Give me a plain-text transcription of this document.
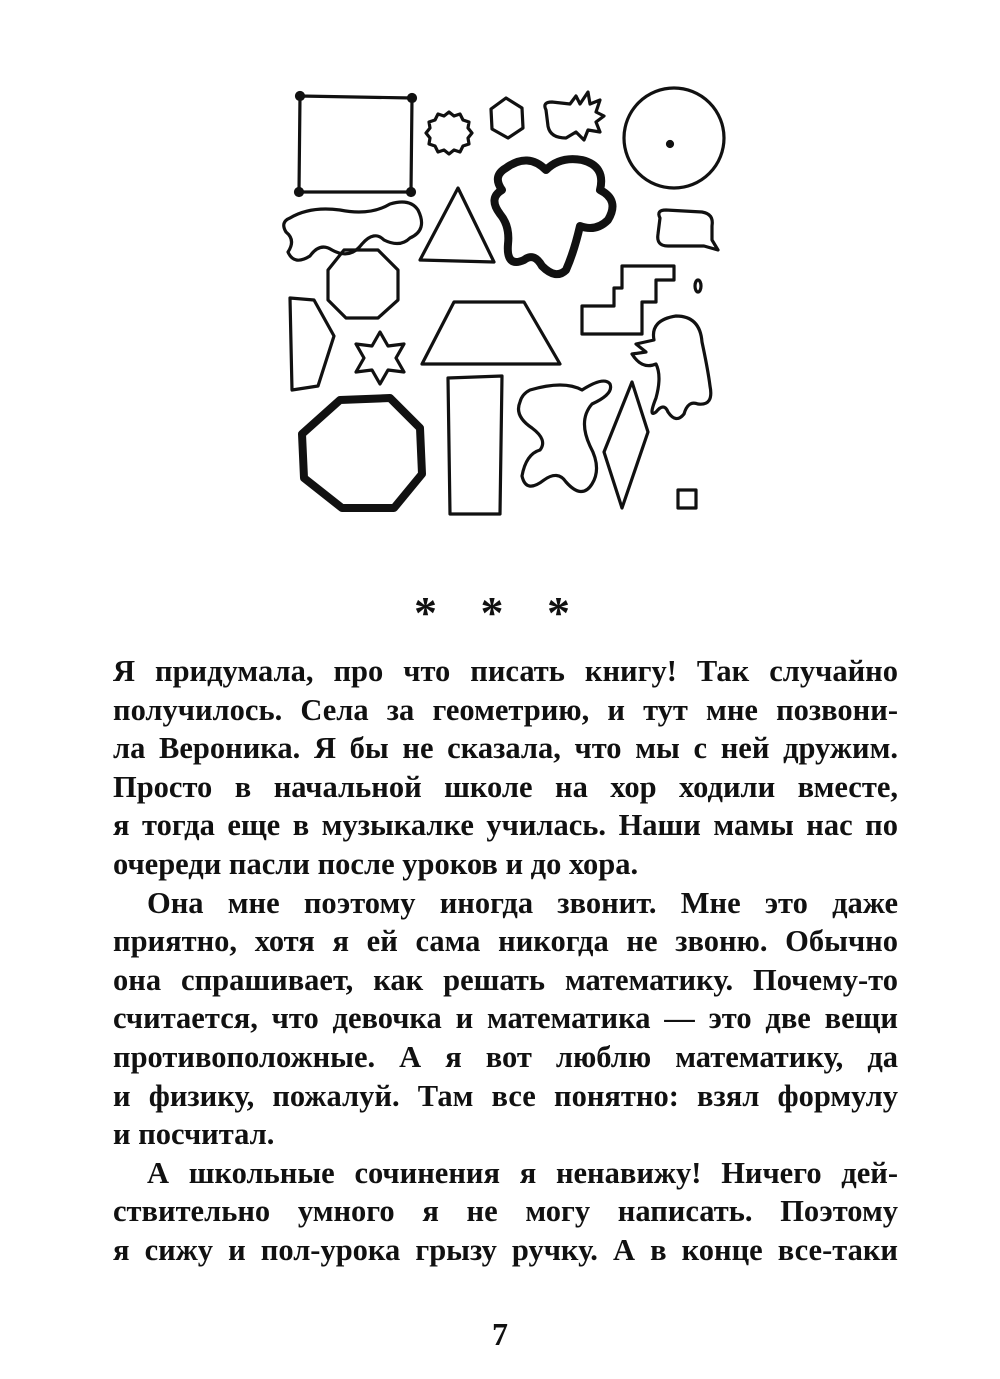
* * *
Я придумала, про что писать книгу! Так случайно
получилось. Села за геометрию, и тут мне позвони-
ла Вероника. Я бы не сказала, что мы с ней дружим.
Просто в начальной школе на хор ходили вместе,
я тогда еще в музыкалке училась. Наши мамы нас по
очереди пасли после уроков и до хора.
Она мне поэтому иногда звонит. Мне это даже
приятно, хотя я ей сама никогда не звоню. Обычно
она спрашивает, как решать математику. Почему-то
считается, что девочка и математика — это две вещи
противоположные. А я вот люблю математику, да
и физику, пожалуй. Там все понятно: взял формулу
и посчитал.
А школьные сочинения я ненавижу! Ничего дей-
ствительно умного я не могу написать. Поэтому
я сижу и пол-урока грызу ручку. А в конце все-таки
7
